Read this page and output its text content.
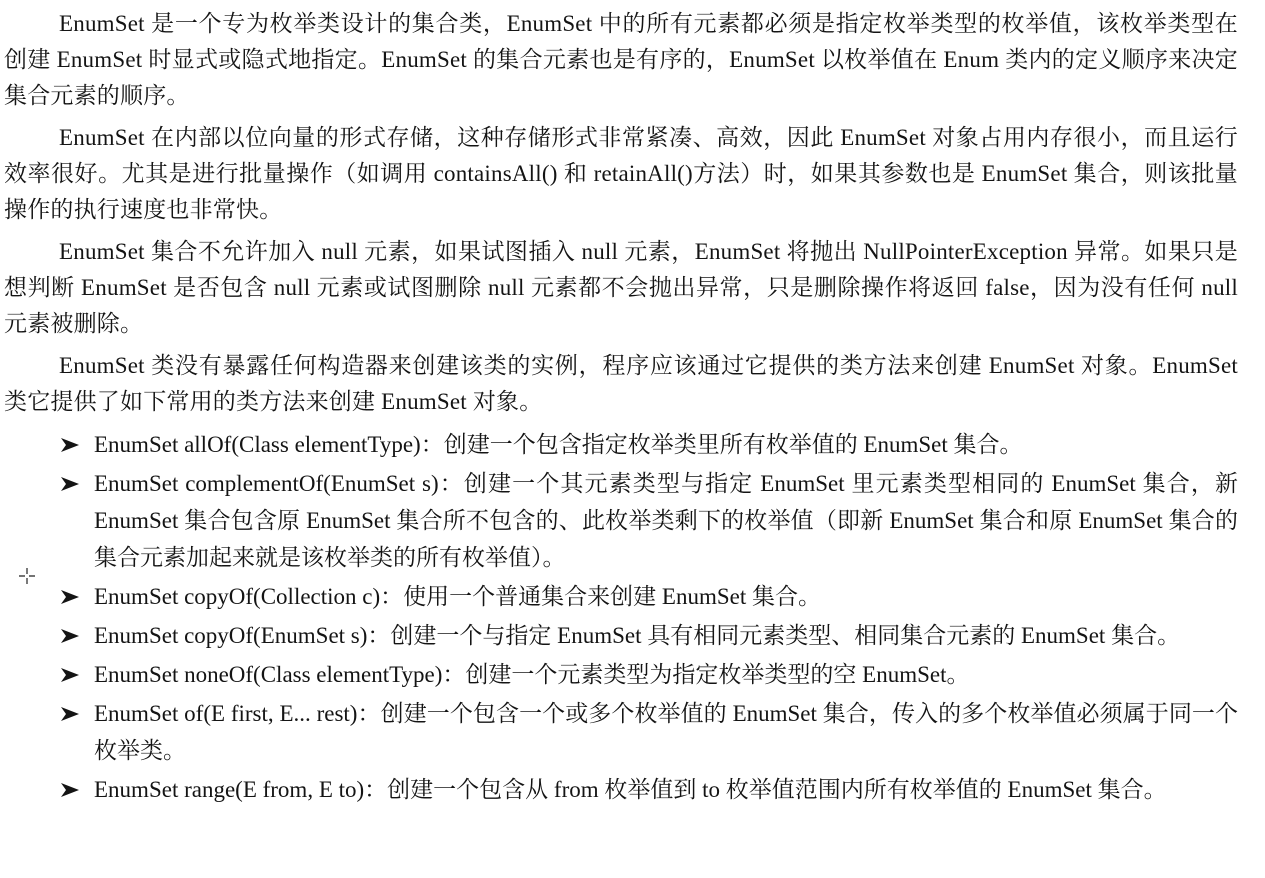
EnumSet 是一个专为枚举类设计的集合类，EnumSet 中的所有元素都必须是指定枚举类型的枚举值，该枚举类型在创建 EnumSet 时显式或隐式地指定。EnumSet 的集合元素也是有序的，EnumSet 以枚举值在 Enum 类内的定义顺序来决定集合元素的顺序。

EnumSet 在内部以位向量的形式存储，这种存储形式非常紧凑、高效，因此 EnumSet 对象占用内存很小，而且运行效率很好。尤其是进行批量操作（如调用 containsAll() 和 retainAll()方法）时，如果其参数也是 EnumSet 集合，则该批量操作的执行速度也非常快。

EnumSet 集合不允许加入 null 元素，如果试图插入 null 元素，EnumSet 将抛出 NullPointerException 异常。如果只是想判断 EnumSet 是否包含 null 元素或试图删除 null 元素都不会抛出异常，只是删除操作将返回 false，因为没有任何 null 元素被删除。

EnumSet 类没有暴露任何构造器来创建该类的实例，程序应该通过它提供的类方法来创建 EnumSet 对象。EnumSet 类它提供了如下常用的类方法来创建 EnumSet 对象。

EnumSet allOf(Class elementType)：创建一个包含指定枚举类里所有枚举值的 EnumSet 集合。
EnumSet complementOf(EnumSet s)：创建一个其元素类型与指定 EnumSet 里元素类型相同的 EnumSet 集合，新 EnumSet 集合包含原 EnumSet 集合所不包含的、此枚举类剩下的枚举值（即新 EnumSet 集合和原 EnumSet 集合的集合元素加起来就是该枚举类的所有枚举值）。
EnumSet copyOf(Collection c)：使用一个普通集合来创建 EnumSet 集合。
EnumSet copyOf(EnumSet s)：创建一个与指定 EnumSet 具有相同元素类型、相同集合元素的 EnumSet 集合。
EnumSet noneOf(Class elementType)：创建一个元素类型为指定枚举类型的空 EnumSet。
EnumSet of(E first, E... rest)：创建一个包含一个或多个枚举值的 EnumSet 集合，传入的多个枚举值必须属于同一个枚举类。
EnumSet range(E from, E to)：创建一个包含从 from 枚举值到 to 枚举值范围内所有枚举值的 EnumSet 集合。
